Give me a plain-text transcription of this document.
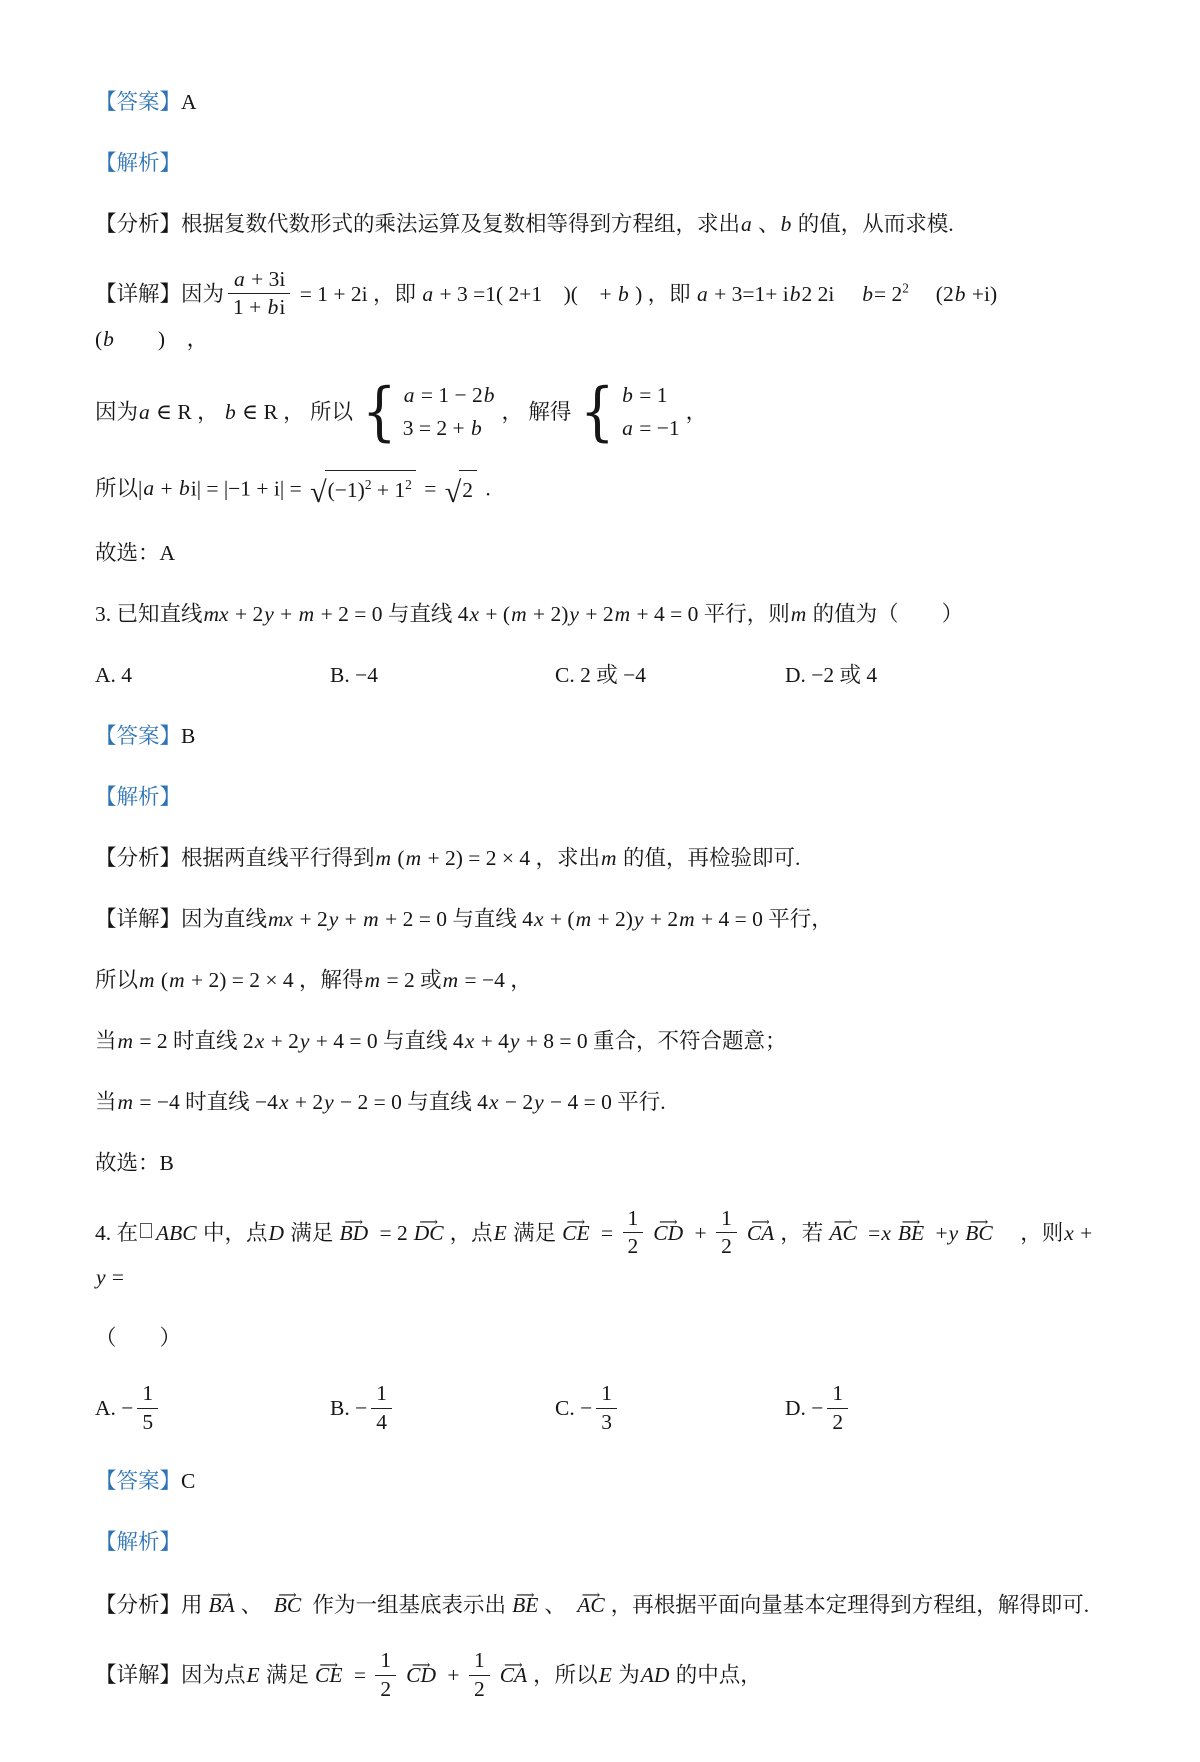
【答案】A
【解析】
【分析】根据复数代数形式的乘法运算及复数相等得到方程组，求出a 、b 的值，从而求模.
【详解】因为 $\frac{a + 3i}{1 + bi} = 1 + 2i$ ，即 a + 3 =1( 2+1　)(　+ b ) ，即 a + 3=1+ ib2 2i　 $b= 2^2$　 (2b +i)　 (b　　)　，
因为a ∈ R ， b ∈ R ， 所以 { a = 1 − 2b
3 = 2 + b
， 解得 { b = 1
a = −1
，
所以|a + bi| = |−1 + i| = √ $(-1)^2 + 1^2$ = √ 2 .
故选：A
3. 已知直线mx + 2y + m + 2 = 0 与直线 4x + (m + 2)y + 2m + 4 = 0 平行，则m 的值为（　　）
A. 4	B. −4	C. 2 或 −4	D. −2 或 4
【答案】B
【解析】
【分析】根据两直线平行得到m (m + 2) = 2 × 4 ，求出m 的值，再检验即可.
【详解】因为直线mx + 2y + m + 2 = 0 与直线 4x + (m + 2)y + 2m + 4 = 0 平行，
所以m (m + 2) = 2 × 4 ，解得m = 2 或m = −4 ，
当m = 2 时直线 2x + 2y + 4 = 0 与直线 4x + 4y + 8 = 0 重合，不符合题意；
当m = −4 时直线 −4x + 2y − 2 = 0 与直线 4x − 2y − 4 = 0 平行.
故选：B
4. 在 ABC 中，点D 满足 ⟶ BD = 2 ⟶ DC ，点E 满足 ⟶ CE = $\frac{1}{2}$ ⟶ CD + $\frac{1}{2}$ ⟶ CA ，若 ⟶ AC =x ⟶ BE +y ⟶ BC　，则x + y =
（　　）
A. − $\frac{1}{5}$	B. − $\frac{1}{4}$	C. − $\frac{1}{3}$	D. − $\frac{1}{2}$
【答案】C
【解析】
【分析】用 ⟶ BA 、 ⟶ BC 作为一组基底表示出 ⟶ BE 、 ⟶ AC ，再根据平面向量基本定理得到方程组，解得即可.
【详解】因为点E 满足 ⟶ CE = $\frac{1}{2}$ ⟶ CD + $\frac{1}{2}$ ⟶ CA ，所以E 为AD 的中点，
